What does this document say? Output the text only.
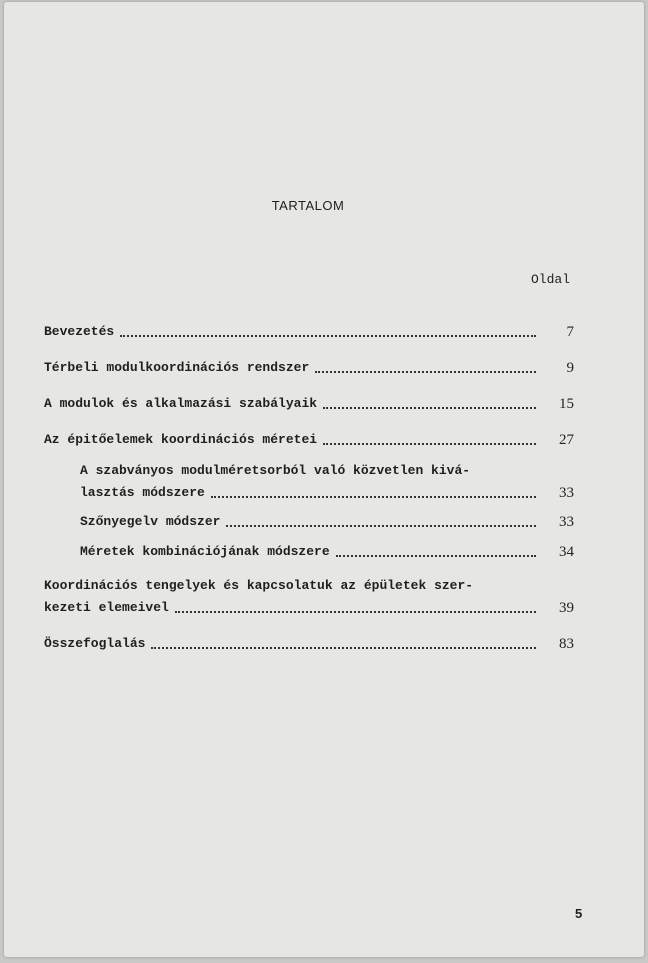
TARTALOM
Oldal
Bevezetés	7
Térbeli modulkoordinációs rendszer	9
A modulok és alkalmazási szabályaik	15
Az épitőelemek koordinációs méretei	27
A szabványos modulméretsorból való közvetlen kivá-
lasztás módszere	33
Szőnyegelv módszer	33
Méretek kombinációjának módszere	34
Koordinációs tengelyek és kapcsolatuk az épületek szer-
kezeti elemeivel	39
Összefoglalás	83
5
